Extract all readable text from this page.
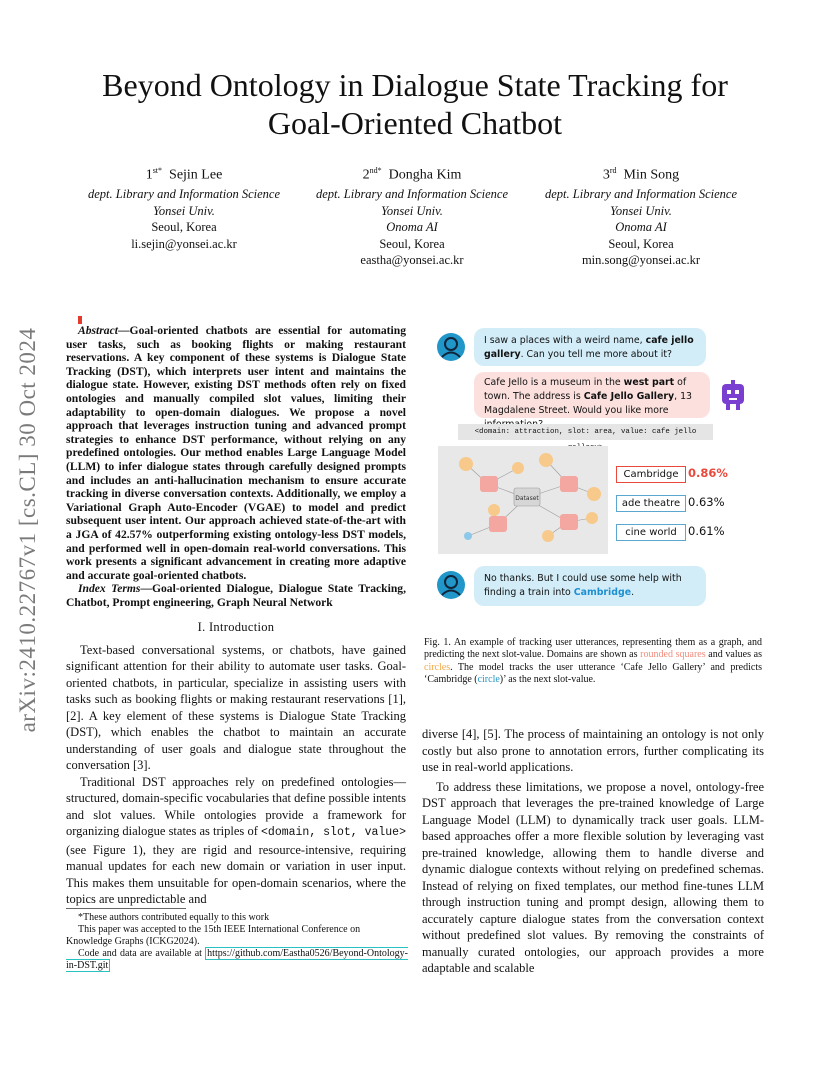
arXiv:2410.22767v1 [cs.CL] 30 Oct 2024
Beyond Ontology in Dialogue State Tracking for
Goal-Oriented Chatbot
$1^{st*}$ Sejin Lee
dept. Library and Information Science
Yonsei Univ.
Seoul, Korea
li.sejin@yonsei.ac.kr
$2^{nd*}$ Dongha Kim
dept. Library and Information Science
Yonsei Univ.
Onoma AI
Seoul, Korea
eastha@yonsei.ac.kr
3rd Min Song
dept. Library and Information Science
Yonsei Univ.
Onoma AI
Seoul, Korea
min.song@yonsei.ac.kr

Abstract—Goal-oriented chatbots are essential for automating user tasks, such as booking flights or making restaurant reservations. A key component of these systems is Dialogue State Tracking (DST), which interprets user intent and maintains the dialogue state. However, existing DST methods often rely on fixed ontologies and manually compiled slot values, limiting their adaptability to open-domain dialogues. We propose a novel approach that leverages instruction tuning and advanced prompt strategies to enhance DST performance, without relying on any predefined ontologies. Our method enables Large Language Model (LLM) to infer dialogue states through carefully designed prompts and includes an anti-hallucination mechanism to ensure accurate tracking in diverse conversation contexts. Additionally, we employ a Variational Graph Auto-Encoder (VGAE) to model and predict subsequent user intent. Our approach achieved state-of-the-art with a JGA of 42.57% outperforming existing ontology-less DST models, and performed well in open-domain real-world conversations. This work presents a significant advancement in creating more adaptive and accurate goal-oriented chatbots.

Index Terms—Goal-oriented Dialogue, Dialogue State Tracking, Chatbot, Prompt engineering, Graph Neural Network

I. Introduction

Text-based conversational systems, or chatbots, have gained significant attention for their ability to automate user tasks. Goal-oriented chatbots, in particular, specialize in assisting users with tasks such as booking flights or making restaurant reservations [1], [2]. A key element of these systems is Dialogue State Tracking (DST), which enables the chatbot to maintain an accurate understanding of user goals and dialogue state throughout the conversation [3].

Traditional DST approaches rely on predefined ontologies—structured, domain-specific vocabularies that define possible intents and slot values. While ontologies provide a framework for organizing dialogue states as triples of <domain, slot, value> (see Figure 1), they are rigid and resource-intensive, requiring manual updates for each new domain or variation in user input. This makes them unsuitable for open-domain scenarios, where the topics are unpredictable and

*These authors contributed equally to this work
This paper was accepted to the 15th IEEE International Conference on Knowledge Graphs (ICKG2024).
Code and data are available at https://github.com/Eastha0526/Beyond-Ontology-in-DST.git
I saw a places with a weird name, cafe jello gallery. Can you tell me more about it?
Cafe Jello is a museum in the west part of town. The address is Cafe Jello Gallery, 13 Magdalene Street. Would you like more
<domain: attraction, slot: area, value: cafe jello
Dataset
Cambridge 0.86%
ade theatre 0.63%
cine world 0.61%
No thanks. But I could use some help with finding a train into Cambridge.
Fig. 1. An example of tracking user utterances, representing them as a graph, and predicting the next slot-value. Domains are shown as rounded squares and values as circles. The model tracks the user utterance ‘Cafe Jello Gallery’ and predicts ‘Cambridge (circle)’ as the next slot-value.

diverse [4], [5]. The process of maintaining an ontology is not only costly but also prone to annotation errors, further complicating its use in real-world applications.

To address these limitations, we propose a novel, ontology-free DST approach that leverages the pre-trained knowledge of Large Language Model (LLM) to dynamically track user goals. LLM-based approaches offer a more flexible solution by leveraging vast pre-trained knowledge, allowing them to handle diverse and dynamic dialogue contexts without relying on predefined schemas. Instead of relying on fixed templates, our method fine-tunes LLM through instruction tuning and prompt design, allowing them to accurately capture dialogue states from the conversation context without predefined slot values. By removing the constraints of manually curated ontologies, our approach provides a more adaptable and scalable
